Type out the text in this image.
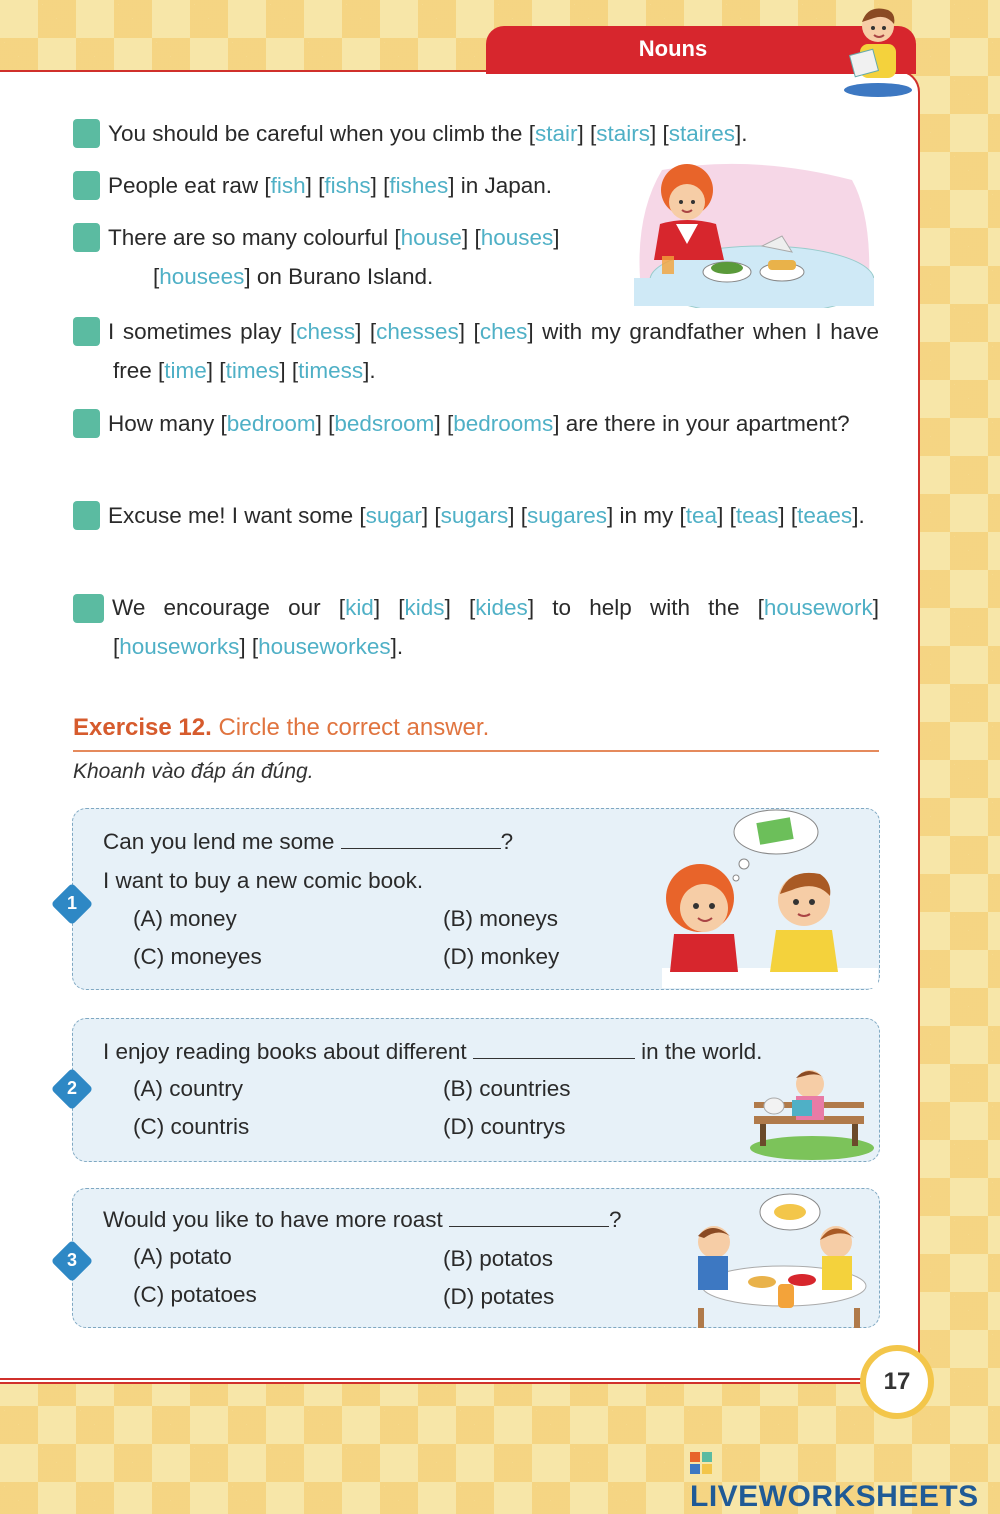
Nouns
4 You should be careful when you climb the [stair] [stairs] [staires].
5 People eat raw [fish] [fishs] [fishes] in Japan.
6 There are so many colourful [house] [houses]
[housees] on Burano Island.
7	I sometimes play [chess] [chesses] [ches] with my grandfather when I have free [time] [times] [timess].
8	How many [bedroom] [bedsroom] [bedrooms] are there in your apartment?
9	Excuse me! I want some [sugar] [sugars] [sugares] in my [tea] [teas] [teaes].
10	We encourage our [kid] [kids] [kides] to help with the [housework] [houseworks] [houseworkes].
Exercise 12. Circle the correct answer.
Khoanh vào đáp án đúng.
1
Can you lend me some	?
I want to buy a new comic book.
(A) money	(B) moneys
(C) moneyes	(D) monkey
2
I enjoy reading books about different	in the world.
(A) country	(B) countries
(C) countris	(D) countrys
3
Would you like to have more roast	?
(A) potato	(B) potatos
(C) potatoes	(D) potates
17
LIVEWORKSHEETS
